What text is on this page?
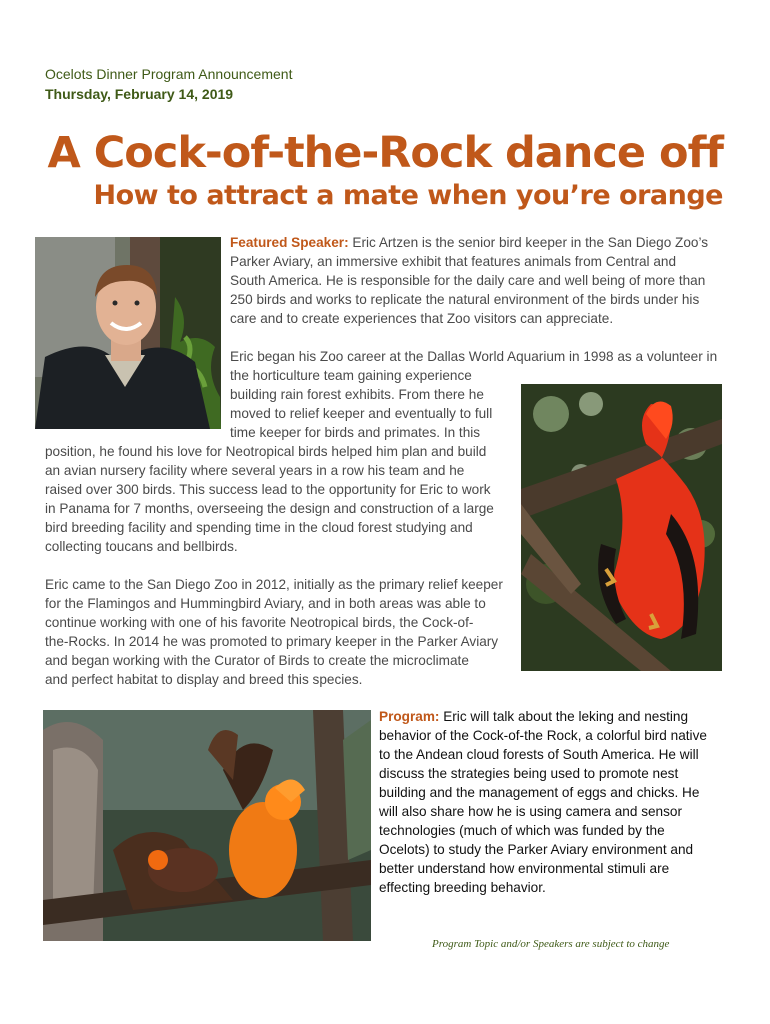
Ocelots Dinner Program Announcement
Thursday, February 14, 2019
A Cock-of-the-Rock dance off
How to attract a mate when you’re orange
Featured Speaker: Eric Artzen is the senior bird keeper in the San Diego Zoo’s
Parker Aviary, an immersive exhibit that features animals from Central and
South America. He is responsible for the daily care and well being of more than
250 birds and works to replicate the natural environment of the birds under his
care and to create experiences that Zoo visitors can appreciate.
Eric began his Zoo career at the Dallas World Aquarium in 1998 as a volunteer in
the horticulture team gaining experience
building rain forest exhibits. From there he
moved to relief keeper and eventually to full
time keeper for birds and primates. In this
position, he found his love for Neotropical birds helped him plan and build
an avian nursery facility where several years in a row his team and he
raised over 300 birds. This success lead to the opportunity for Eric to work
in Panama for 7 months, overseeing the design and construction of a large
bird breeding facility and spending time in the cloud forest studying and
collecting toucans and bellbirds.
Eric came to the San Diego Zoo in 2012, initially as the primary relief keeper
for the Flamingos and Hummingbird Aviary, and in both areas was able to
continue working with one of his favorite Neotropical birds, the Cock-of-
the-Rocks. In 2014 he was promoted to primary keeper in the Parker Aviary
and began working with the Curator of Birds to create the microclimate
and perfect habitat to display and breed this species.
Program: Eric will talk about the leking and nesting
behavior of the Cock-of-the Rock, a colorful bird native
to the Andean cloud forests of South America. He will
discuss the strategies being used to promote nest
building and the management of eggs and chicks. He
will also share how he is using camera and sensor
technologies (much of which was funded by the
Ocelots) to study the Parker Aviary environment and
better understand how environmental stimuli are
effecting breeding behavior.
Program Topic and/or Speakers are subject to change
